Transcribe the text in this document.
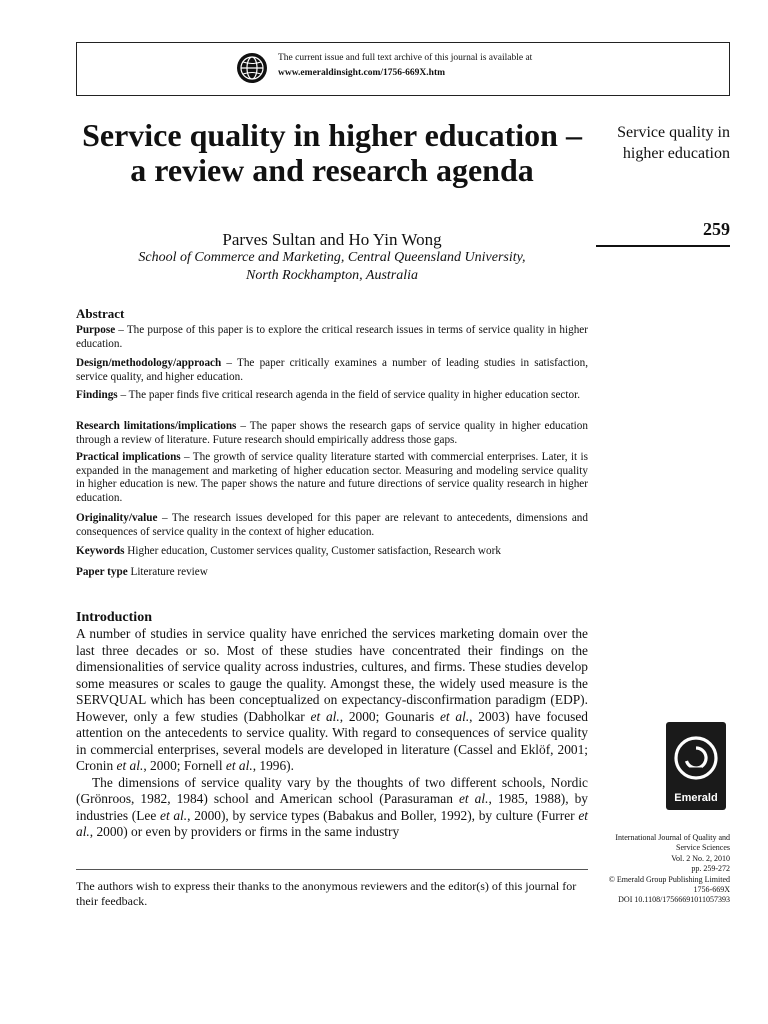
The current issue and full text archive of this journal is available at
www.emeraldinsight.com/1756-669X.htm
Service quality in higher education – a review and research agenda
Parves Sultan and Ho Yin Wong
School of Commerce and Marketing, Central Queensland University,
North Rockhampton, Australia
Service quality in higher education
259
Abstract
Purpose – The purpose of this paper is to explore the critical research issues in terms of service quality in higher education.
Design/methodology/approach – The paper critically examines a number of leading studies in satisfaction, service quality, and higher education.
Findings – The paper finds five critical research agenda in the field of service quality in higher education sector.
Research limitations/implications – The paper shows the research gaps of service quality in higher education through a review of literature. Future research should empirically address those gaps.
Practical implications – The growth of service quality literature started with commercial enterprises. Later, it is expanded in the management and marketing of higher education sector. Measuring and modeling service quality in higher education is new. The paper shows the nature and future directions of service quality research in higher education.
Originality/value – The research issues developed for this paper are relevant to antecedents, dimensions and consequences of service quality in the context of higher education.
Keywords Higher education, Customer services quality, Customer satisfaction, Research work
Paper type Literature review
Introduction

A number of studies in service quality have enriched the services marketing domain over the last three decades or so. Most of these studies have concentrated their findings on the dimensionalities of service quality across industries, cultures, and firms. These studies develop some measures or scales to gauge the quality. Amongst these, the widely used measure is the SERVQUAL which has been conceptualized on expectancy-disconfirmation paradigm (EDP). However, only a few studies (Dabholkar et al., 2000; Gounaris et al., 2003) have focused attention on the antecedents to service quality. With regard to consequences of service quality in commercial enterprises, several models are developed in literature (Cassel and Eklöf, 2001; Cronin et al., 2000; Fornell et al., 1996).

The dimensions of service quality vary by the thoughts of two different schools, Nordic (Grönroos, 1982, 1984) school and American school (Parasuraman et al., 1985, 1988), by industries (Lee et al., 2000), by service types (Babakus and Boller, 1992), by culture (Furrer et al., 2000) or even by providers or firms in the same industry

The authors wish to express their thanks to the anonymous reviewers and the editor(s) of this journal for their feedback.
Emerald
International Journal of Quality and
Service Sciences
Vol. 2 No. 2, 2010
pp. 259-272
© Emerald Group Publishing Limited
1756-669X
DOI 10.1108/17566691011057393
